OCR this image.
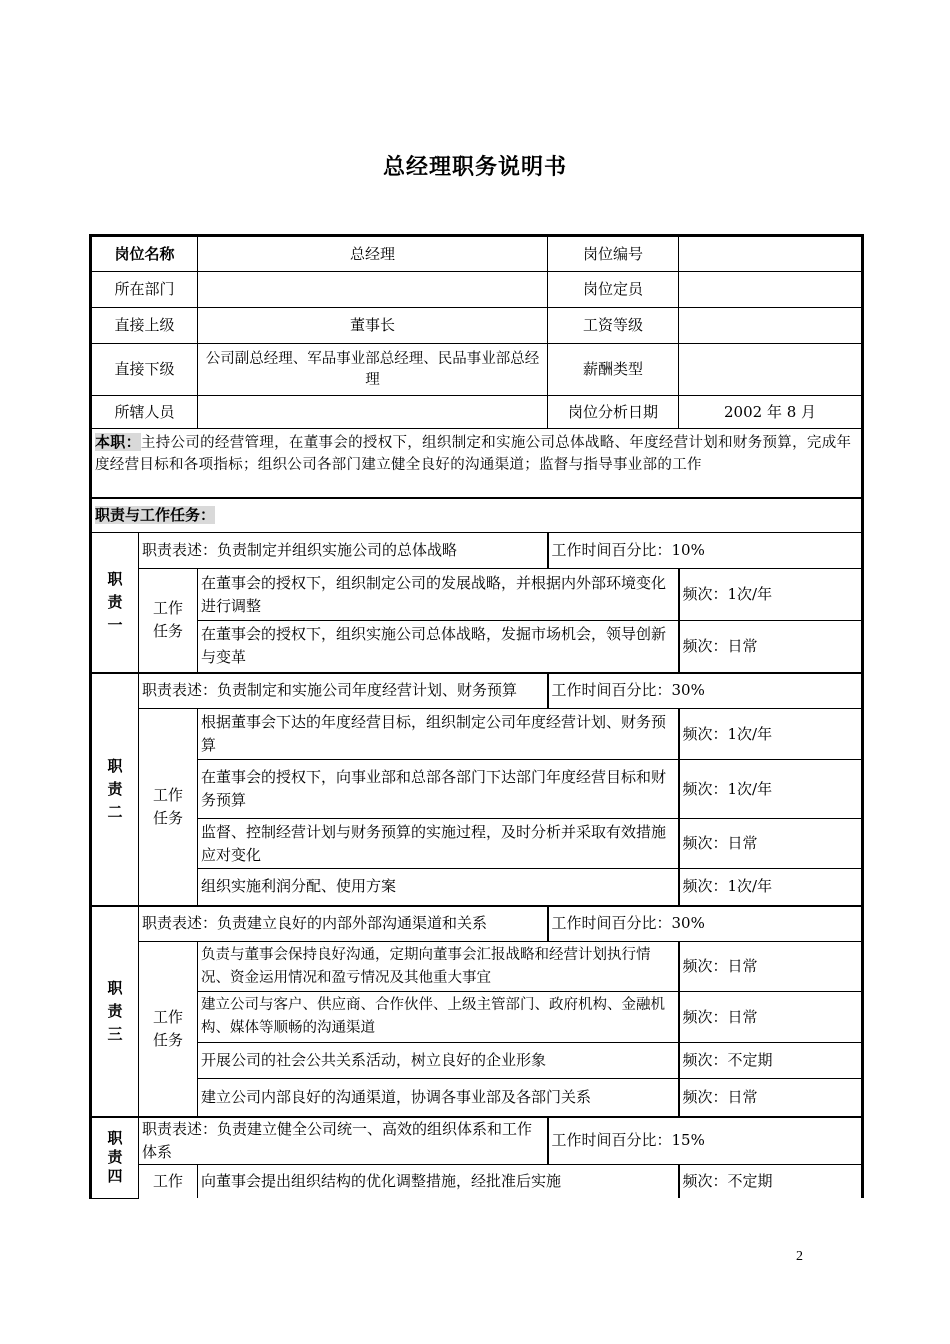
总经理职务说明书
岗位名称		总经理	岗位编号	
所在部门			岗位定员	
直接上级		董事长	工资等级	
直接下级		公司副总经理、军品事业部总经理、民品事业部总经理	薪酬类型	
所辖人员			岗位分析日期	2002 年 8 月
本职：主持公司的经营管理，在董事会的授权下，组织制定和实施公司总体战略、年度经营计划和财务预算，完成年度经营目标和各项指标；组织公司各部门建立健全良好的沟通渠道；监督与指导事业部的工作				
职责与工作任务：				
职责一	职责表述：负责制定并组织实施公司的总体战略		工作时间百分比：10%	
	工作任务	在董事会的授权下，组织制定公司的发展战略，并根据内外部环境变化进行调整		频次：1次/年
		在董事会的授权下，组织实施公司总体战略，发掘市场机会，领导创新与变革		频次：日常
职责二	职责表述：负责制定和实施公司年度经营计划、财务预算		工作时间百分比：30%	
	工作任务	根据董事会下达的年度经营目标，组织制定公司年度经营计划、财务预算		频次：1次/年
		在董事会的授权下，向事业部和总部各部门下达部门年度经营目标和财务预算		频次：1次/年
		监督、控制经营计划与财务预算的实施过程，及时分析并采取有效措施应对变化		频次：日常
		组织实施利润分配、使用方案		频次：1次/年
职责三	职责表述：负责建立良好的内部外部沟通渠道和关系		工作时间百分比：30%	
	工作任务	负责与董事会保持良好沟通，定期向董事会汇报战略和经营计划执行情况、资金运用情况和盈亏情况及其他重大事宜		频次：日常
		建立公司与客户、供应商、合作伙伴、上级主管部门、政府机构、金融机构、媒体等顺畅的沟通渠道		频次：日常
		开展公司的社会公共关系活动，树立良好的企业形象		频次：不定期
		建立公司内部良好的沟通渠道，协调各事业部及各部门关系		频次：日常
职责四	职责表述：负责建立健全公司统一、高效的组织体系和工作体系		工作时间百分比：15%	
	工作	向董事会提出组织结构的优化调整措施，经批准后实施		频次：不定期
2
